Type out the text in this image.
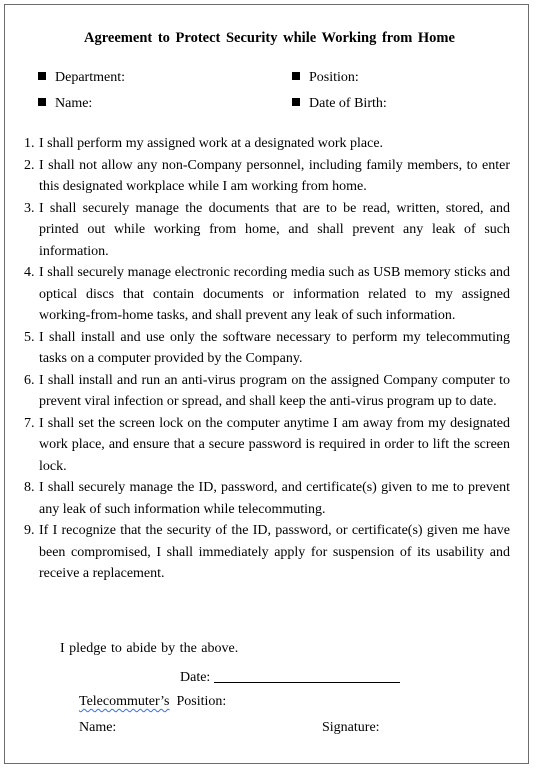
Agreement to Protect Security while Working from Home
Department:	Position:
Name:	Date of Birth:
1. I shall perform my assigned work at a designated work place.
2. I shall not allow any non-Company personnel, including family members, to enter this designated workplace while I am working from home.
3. I shall securely manage the documents that are to be read, written, stored, and printed out while working from home, and shall prevent any leak of such information.
4. I shall securely manage electronic recording media such as USB memory sticks and optical discs that contain documents or information related to my assigned working-from-home tasks, and shall prevent any leak of such information.
5. I shall install and use only the software necessary to perform my telecommuting tasks on a computer provided by the Company.
6. I shall install and run an anti-virus program on the assigned Company computer to prevent viral infection or spread, and shall keep the anti-virus program up to date.
7. I shall set the screen lock on the computer anytime I am away from my designated work place, and ensure that a secure password is required in order to lift the screen lock.
8. I shall securely manage the ID, password, and certificate(s) given to me to prevent any leak of such information while telecommuting.
9. If I recognize that the security of the ID, password, or certificate(s) given me have been compromised, I shall immediately apply for suspension of its usability and receive a replacement.
I pledge to abide by the above.
Date:
Telecommuter’s Position:
Name:	Signature:
